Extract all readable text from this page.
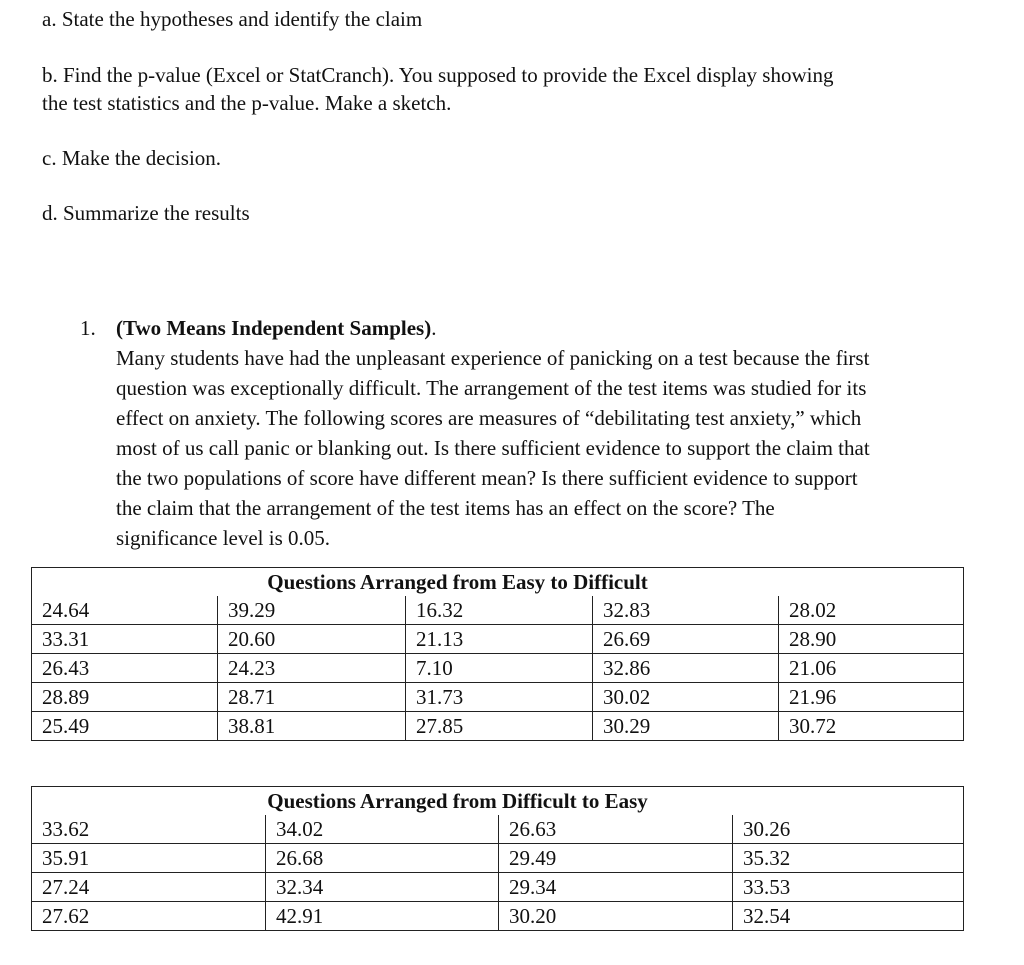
a. State the hypotheses and identify the claim
b. Find the p-value (Excel or StatCranch). You supposed to provide the Excel display showing
the test statistics and the p-value. Make a sketch.
c. Make the decision.
d. Summarize the results
1. (Two Means Independent Samples).
Many students have had the unpleasant experience of panicking on a test because the first
question was exceptionally difficult. The arrangement of the test items was studied for its
effect on anxiety. The following scores are measures of “debilitating test anxiety,” which
most of us call panic or blanking out. Is there sufficient evidence to support the claim that
the two populations of score have different mean? Is there sufficient evidence to support
the claim that the arrangement of the test items has an effect on the score? The
significance level is 0.05.
Questions Arranged from Easy to Difficult				
24.64	39.29	16.32	32.83	28.02
33.31	20.60	21.13	26.69	28.90
26.43	24.23	7.10	32.86	21.06
28.89	28.71	31.73	30.02	21.96
25.49	38.81	27.85	30.29	30.72
Questions Arranged from Difficult to Easy			
33.62	34.02	26.63	30.26
35.91	26.68	29.49	35.32
27.24	32.34	29.34	33.53
27.62	42.91	30.20	32.54
